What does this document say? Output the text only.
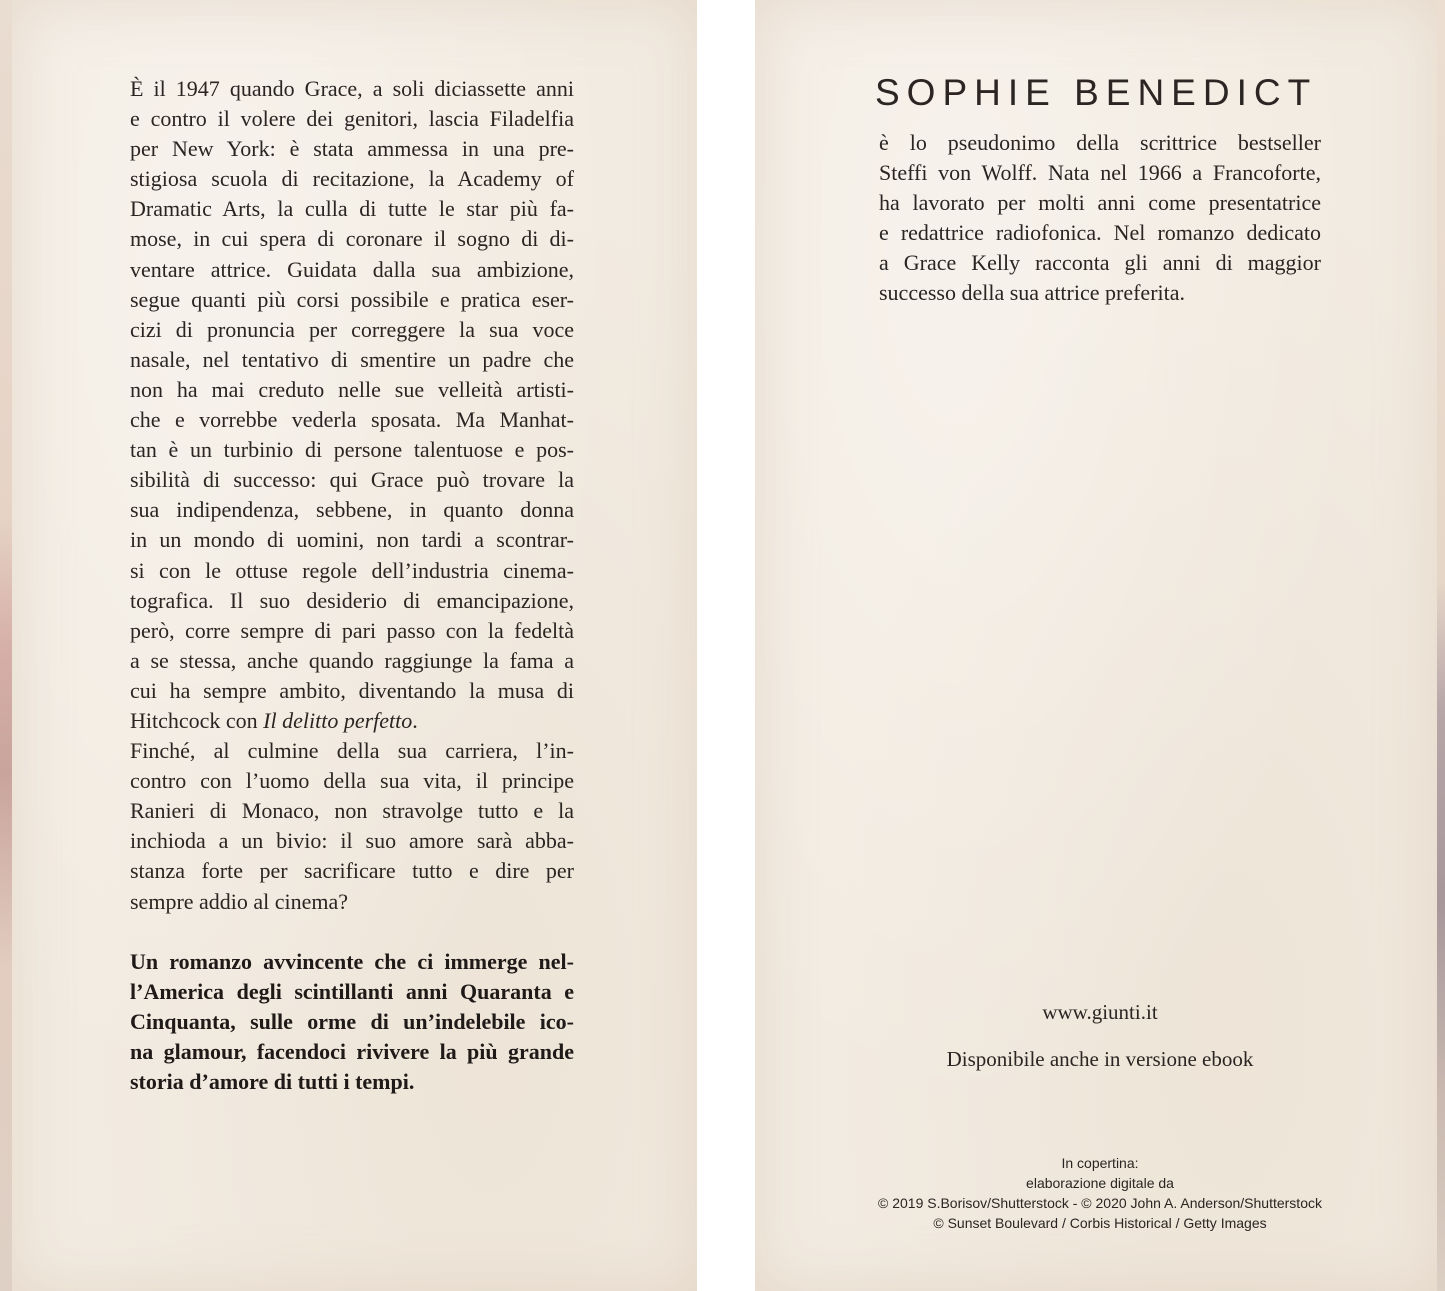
È il 1947 quando Grace, a soli diciassette anni
e contro il volere dei genitori, lascia Filadelfia
per New York: è stata ammessa in una pre-
stigiosa scuola di recitazione, la Academy of
Dramatic Arts, la culla di tutte le star più fa-
mose, in cui spera di coronare il sogno di di-
ventare attrice. Guidata dalla sua ambizione,
segue quanti più corsi possibile e pratica eser-
cizi di pronuncia per correggere la sua voce
nasale, nel tentativo di smentire un padre che
non ha mai creduto nelle sue velleità artisti-
che e vorrebbe vederla sposata. Ma Manhat-
tan è un turbinio di persone talentuose e pos-
sibilità di successo: qui Grace può trovare la
sua indipendenza, sebbene, in quanto donna
in un mondo di uomini, non tardi a scontrar-
si con le ottuse regole dell’industria cinema-
tografica. Il suo desiderio di emancipazione,
però, corre sempre di pari passo con la fedeltà
a se stessa, anche quando raggiunge la fama a
cui ha sempre ambito, diventando la musa di
Hitchcock con Il delitto perfetto.

Finché, al culmine della sua carriera, l’in-
contro con l’uomo della sua vita, il principe
Ranieri di Monaco, non stravolge tutto e la
inchioda a un bivio: il suo amore sarà abba-
stanza forte per sacrificare tutto e dire per
sempre addio al cinema?

Un romanzo avvincente che ci immerge nel-
l’America degli scintillanti anni Quaranta e
Cinquanta, sulle orme di un’indelebile ico-
na glamour, facendoci rivivere la più grande
storia d’amore di tutti i tempi.

SOPHIE BENEDICT

è lo pseudonimo della scrittrice bestseller
Steffi von Wolff. Nata nel 1966 a Francoforte,
ha lavorato per molti anni come presentatrice
e redattrice radiofonica. Nel romanzo dedicato
a Grace Kelly racconta gli anni di maggior
successo della sua attrice preferita.

www.giunti.it

Disponibile anche in versione ebook

In copertina:
elaborazione digitale da
© 2019 S.Borisov/Shutterstock - © 2020 John A. Anderson/Shutterstock
© Sunset Boulevard / Corbis Historical / Getty Images
